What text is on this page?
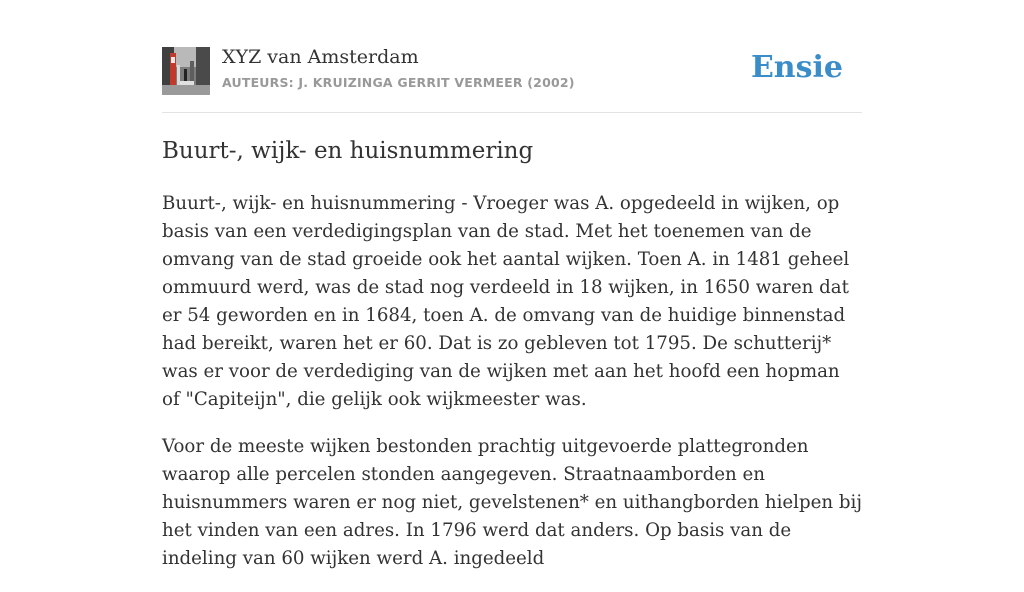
XYZ van Amsterdam
AUTEURS: J. KRUIZINGA GERRIT VERMEER (2002)	Ensie
Buurt-, wijk- en huisnummering

Buurt-, wijk- en huisnummering - Vroeger was A. opgedeeld in wijken, op basis van een verdedigingsplan van de stad. Met het toenemen van de omvang van de stad groeide ook het aantal wijken. Toen A. in 1481 geheel ommuurd werd, was de stad nog verdeeld in 18 wijken, in 1650 waren dat er 54 geworden en in 1684, toen A. de omvang van de huidige binnenstad had bereikt, waren het er 60. Dat is zo gebleven tot 1795. De schutterij* was er voor de verdediging van de wijken met aan het hoofd een hopman of "Capiteijn", die gelijk ook wijkmeester was.

Voor de meeste wijken bestonden prachtig uitgevoerde plattegronden waarop alle percelen stonden aangegeven. Straatnaamborden en huisnummers waren er nog niet, gevelstenen* en uithangborden hielpen bij het vinden van een adres. In 1796 werd dat anders. Op basis van de indeling van 60 wijken werd A. ingedeeld
